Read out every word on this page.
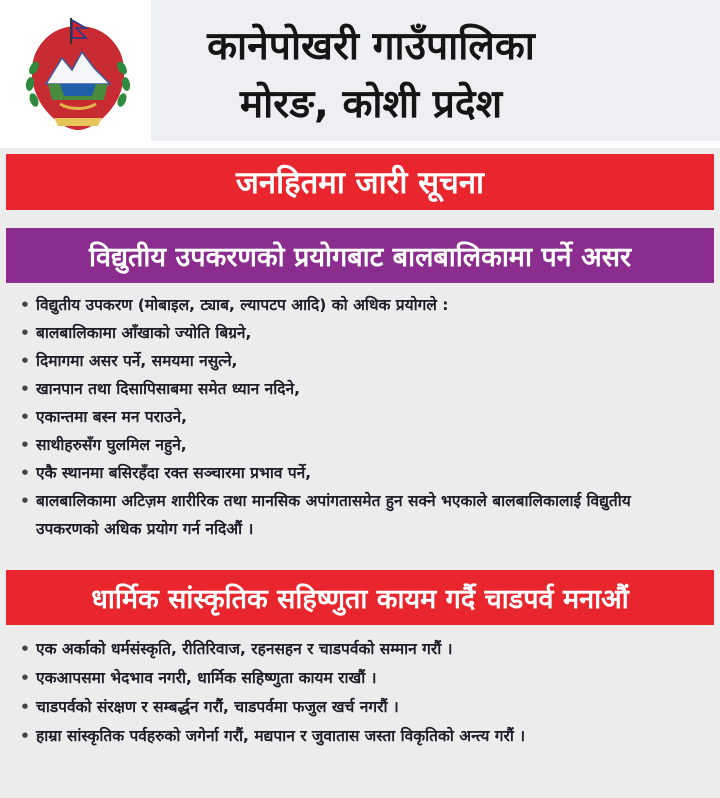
कानेपोखरी गाउँपालिका
मोरङ, कोशी प्रदेश
जनहितमा जारी सूचना
विद्युतीय उपकरणको प्रयोगबाट बालबालिकामा पर्ने असर
• विद्युतीय उपकरण (मोबाइल, ट्याब, ल्यापटप आदि) को अधिक प्रयोगले :
• बालबालिकामा आँखाको ज्योति बिग्रने,
• दिमागमा असर पर्ने, समयमा नसुत्ने,
• खानपान तथा दिसापिसाबमा समेत ध्यान नदिने,
• एकान्तमा बस्न मन पराउने,
• साथीहरुसँग घुलमिल नहुने,
• एकै स्थानमा बसिरहँदा रक्त सञ्चारमा प्रभाव पर्ने,
• बालबालिकामा अटिज़म शारीरिक तथा मानसिक अपांगतासमेत हुन सक्ने भएकाले बालबालिकालाई विद्युतीय उपकरणको अधिक प्रयोग गर्न नदिऔं ।
धार्मिक सांस्कृतिक सहिष्णुता कायम गर्दै चाडपर्व मनाऔं
• एक अर्काको धर्मसंस्कृति, रीतिरिवाज, रहनसहन र चाडपर्वको सम्मान गरौं ।
• एकआपसमा भेदभाव नगरी, धार्मिक सहिष्णुता कायम राखौं ।
• चाडपर्वको संरक्षण र सम्बर्द्धन गरौं, चाडपर्वमा फजुल खर्च नगरौं ।
• हाम्रा सांस्कृतिक पर्वहरुको जगेर्ना गरौं, मद्यपान र जुवातास जस्ता विकृतिको अन्त्य गरौं ।
